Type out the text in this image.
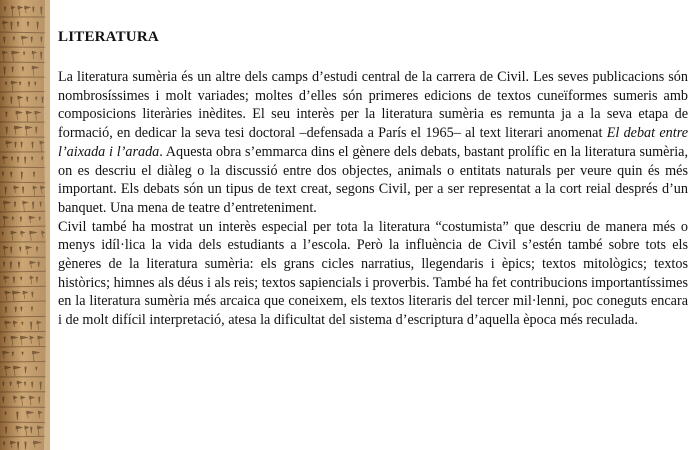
LITERATURA

La literatura sumèria és un altre dels camps d’estudi central de la carrera de Civil. Les seves publicacions són nombrosíssimes i molt variades; moltes d’elles són primeres edicions de textos cuneïformes sumeris amb composicions literàries inèdites. El seu interès per la literatura sumèria es remunta ja a la seva etapa de formació, en dedicar la seva tesi doctoral –defensada a París el 1965– al text literari anomenat El debat entre l’aixada i l’arada. Aquesta obra s’emmarca dins el gènere dels debats, bastant prolífic en la literatura sumèria, on es descriu el diàleg o la discussió entre dos objectes, animals o entitats naturals per veure quin és més important. Els debats són un tipus de text creat, segons Civil, per a ser representat a la cort reial després d’un banquet. Una mena de teatre d’entreteniment.

Civil també ha mostrat un interès especial per tota la literatura “costumista” que descriu de manera més o menys idíl·lica la vida dels estudiants a l’escola. Però la influència de Civil s’estén també sobre tots els gèneres de la literatura sumèria: els grans cicles narratius, llegendaris i èpics; textos mitològics; textos històrics; himnes als déus i als reis; textos sapiencials i proverbis. També ha fet contribucions importantíssimes en la literatura sumèria més arcaica que coneixem, els textos literaris del tercer mil·lenni, poc coneguts encara i de molt difícil interpretació, atesa la dificultat del sistema d’escriptura d’aquella època més reculada.
